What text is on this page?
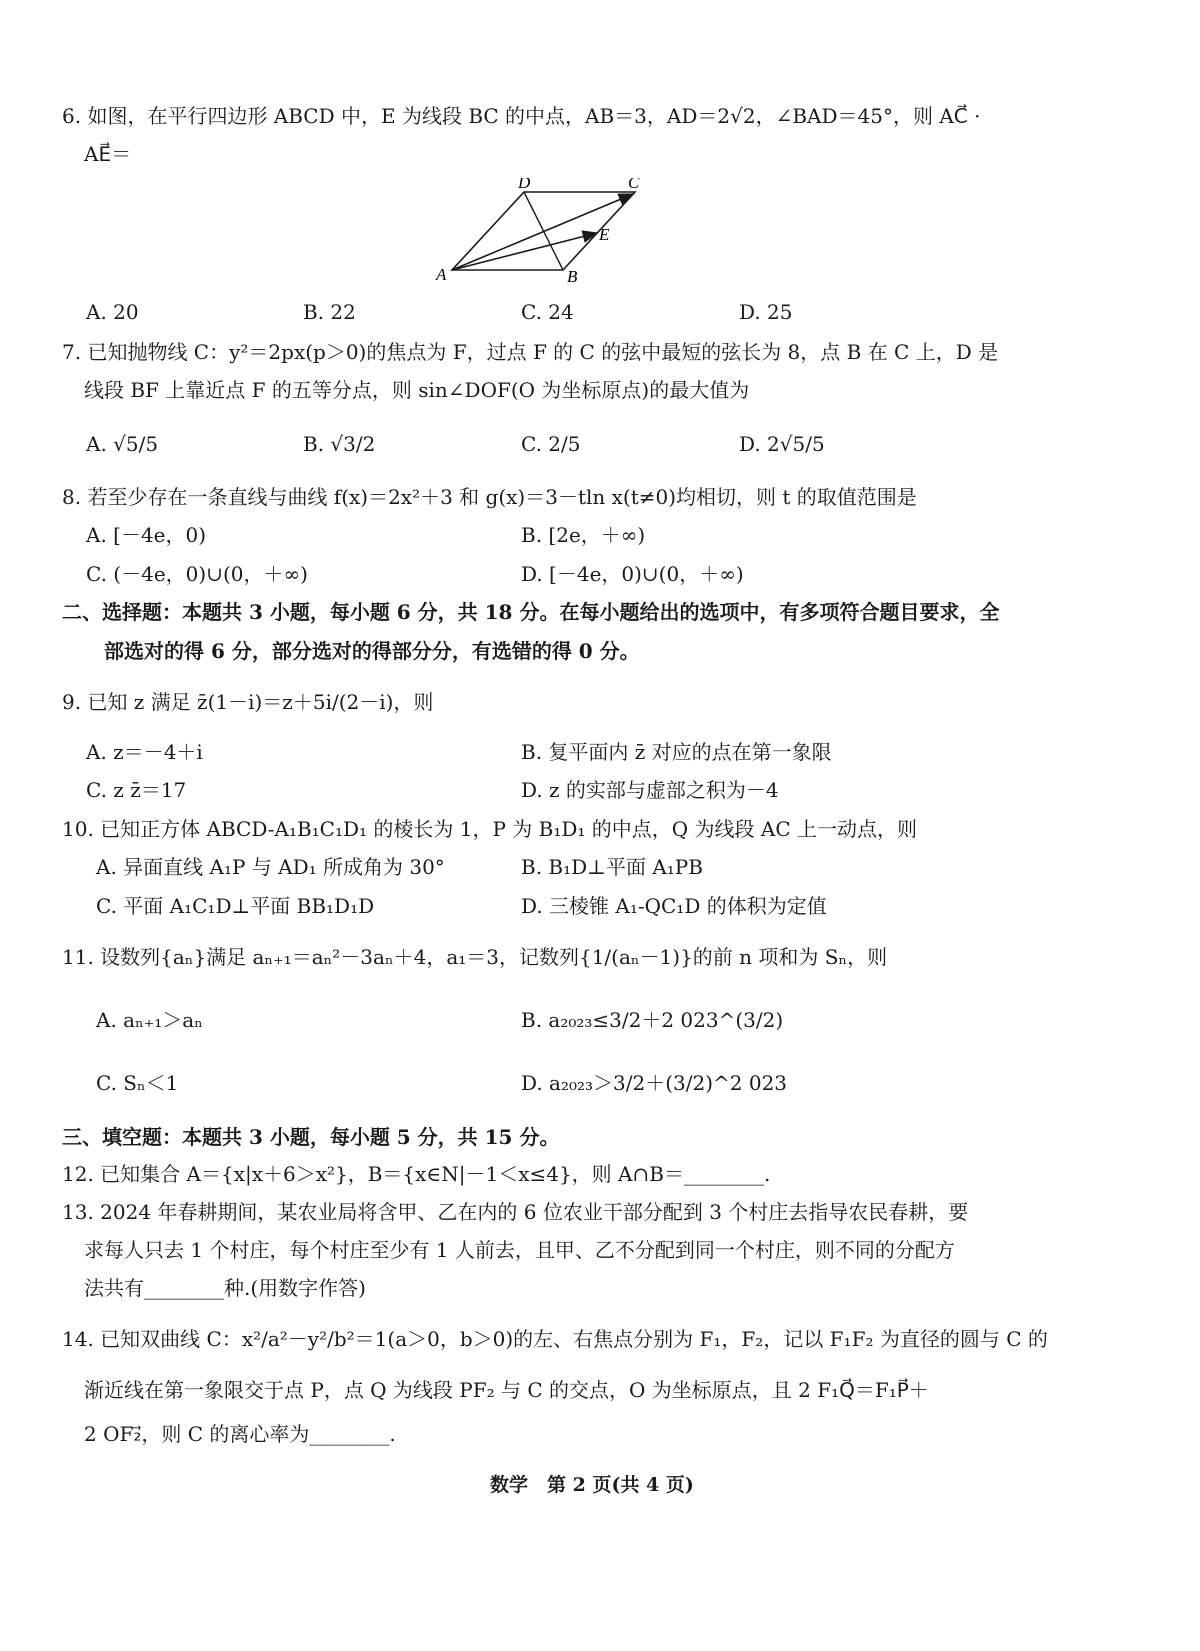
6. 如图，在平行四边形 ABCD 中，E 为线段 BC 的中点，AB＝3，AD＝2√2，∠BAD＝45°，则 AC⃗ ·
AE⃗＝
A	B
C
D
E
A. 20	B. 22	C. 24	D. 25
7. 已知抛物线 C：y²＝2px(p＞0)的焦点为 F，过点 F 的 C 的弦中最短的弦长为 8，点 B 在 C 上，D 是
线段 BF 上靠近点 F 的五等分点，则 sin∠DOF(O 为坐标原点)的最大值为
A. √5/5	B. √3/2	C. 2/5	D. 2√5/5
8. 若至少存在一条直线与曲线 f(x)＝2x²＋3 和 g(x)＝3－tln x(t≠0)均相切，则 t 的取值范围是
A. [－4e，0)	B. [2e，＋∞)
C. (－4e，0)∪(0，＋∞)	D. [－4e，0)∪(0，＋∞)
二、选择题：本题共 3 小题，每小题 6 分，共 18 分。在每小题给出的选项中，有多项符合题目要求，全
部选对的得 6 分，部分选对的得部分分，有选错的得 0 分。
9. 已知 z 满足 z̄(1－i)＝z＋5i/(2－i)，则
A. z＝－4＋i	B. 复平面内 z̄ 对应的点在第一象限
C. z z̄＝17	D. z 的实部与虚部之积为－4
10. 已知正方体 ABCD-A₁B₁C₁D₁ 的棱长为 1，P 为 B₁D₁ 的中点，Q 为线段 AC 上一动点，则
A. 异面直线 A₁P 与 AD₁ 所成角为 30°	B. B₁D⊥平面 A₁PB
C. 平面 A₁C₁D⊥平面 BB₁D₁D	D. 三棱锥 A₁-QC₁D 的体积为定值
11. 设数列{aₙ}满足 aₙ₊₁＝aₙ²－3aₙ＋4，a₁＝3，记数列{1/(aₙ－1)}的前 n 项和为 Sₙ，则
A. aₙ₊₁＞aₙ	B. a₂₀₂₃≤3/2＋2 023^(3/2)
C. Sₙ＜1	D. a₂₀₂₃＞3/2＋(3/2)^2 023
三、填空题：本题共 3 小题，每小题 5 分，共 15 分。
12. 已知集合 A＝{x|x＋6＞x²}，B＝{x∈N|－1＜x≤4}，则 A∩B＝________.
13. 2024 年春耕期间，某农业局将含甲、乙在内的 6 位农业干部分配到 3 个村庄去指导农民春耕，要
求每人只去 1 个村庄，每个村庄至少有 1 人前去，且甲、乙不分配到同一个村庄，则不同的分配方
法共有________种.(用数字作答)
14. 已知双曲线 C：x²/a²－y²/b²＝1(a＞0，b＞0)的左、右焦点分别为 F₁，F₂，记以 F₁F₂ 为直径的圆与 C 的
渐近线在第一象限交于点 P，点 Q 为线段 PF₂ 与 C 的交点，O 为坐标原点，且 2 F₁Q⃗＝F₁P⃗＋
2 OF₂⃗，则 C 的离心率为________.
数学　第 2 页(共 4 页)
